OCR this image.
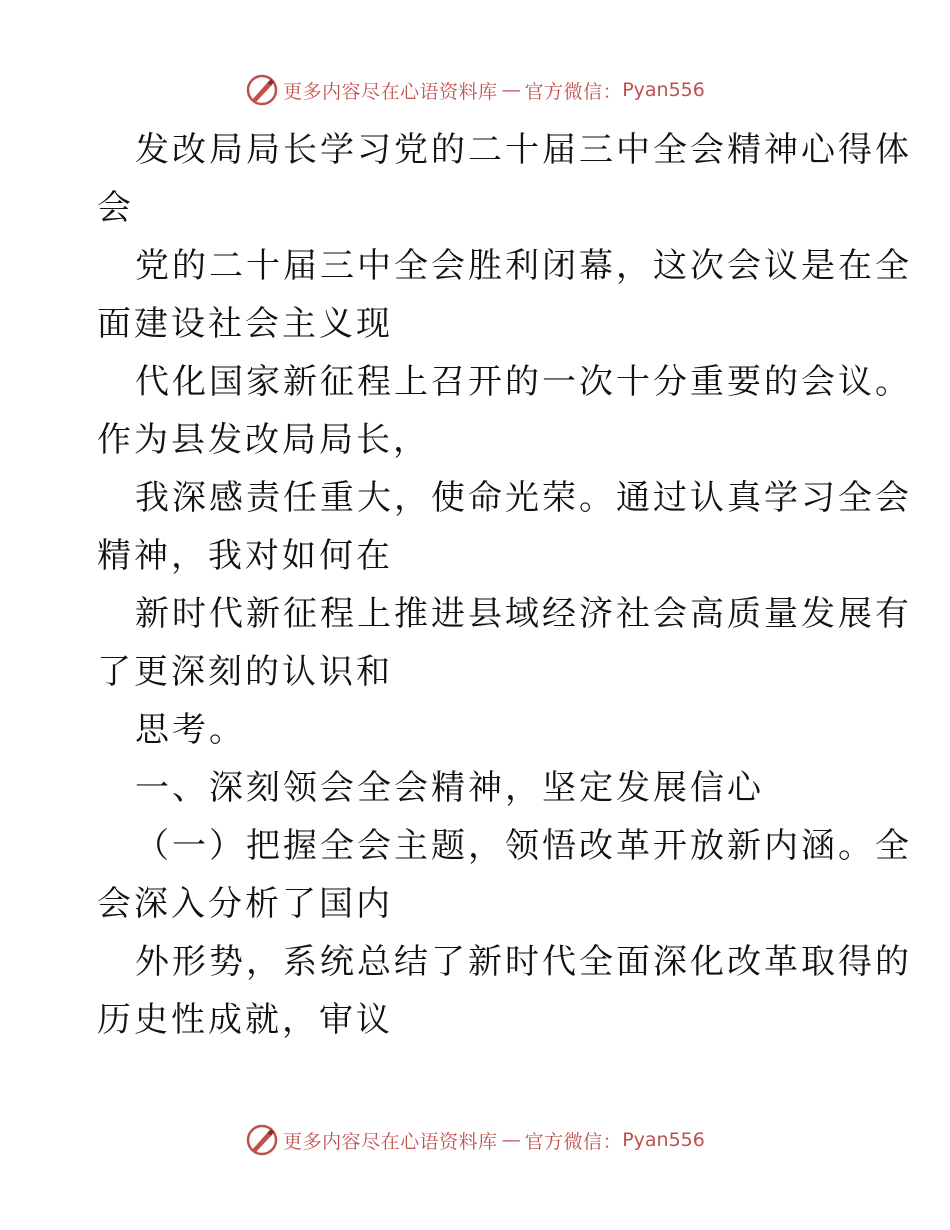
更多内容尽在心语资料库 — 官方微信： Pyan556
发改局局长学习党的二十届三中全会精神心得体
会
党的二十届三中全会胜利闭幕，这次会议是在全
面建设社会主义现
代化国家新征程上召开的一次十分重要的会议。
作为县发改局局长，
我深感责任重大，使命光荣。通过认真学习全会
精神，我对如何在
新时代新征程上推进县域经济社会高质量发展有
了更深刻的认识和
思考。
一、深刻领会全会精神，坚定发展信心
（一）把握全会主题，领悟改革开放新内涵。全
会深入分析了国内
外形势，系统总结了新时代全面深化改革取得的
历史性成就，审议
更多内容尽在心语资料库 — 官方微信： Pyan556
